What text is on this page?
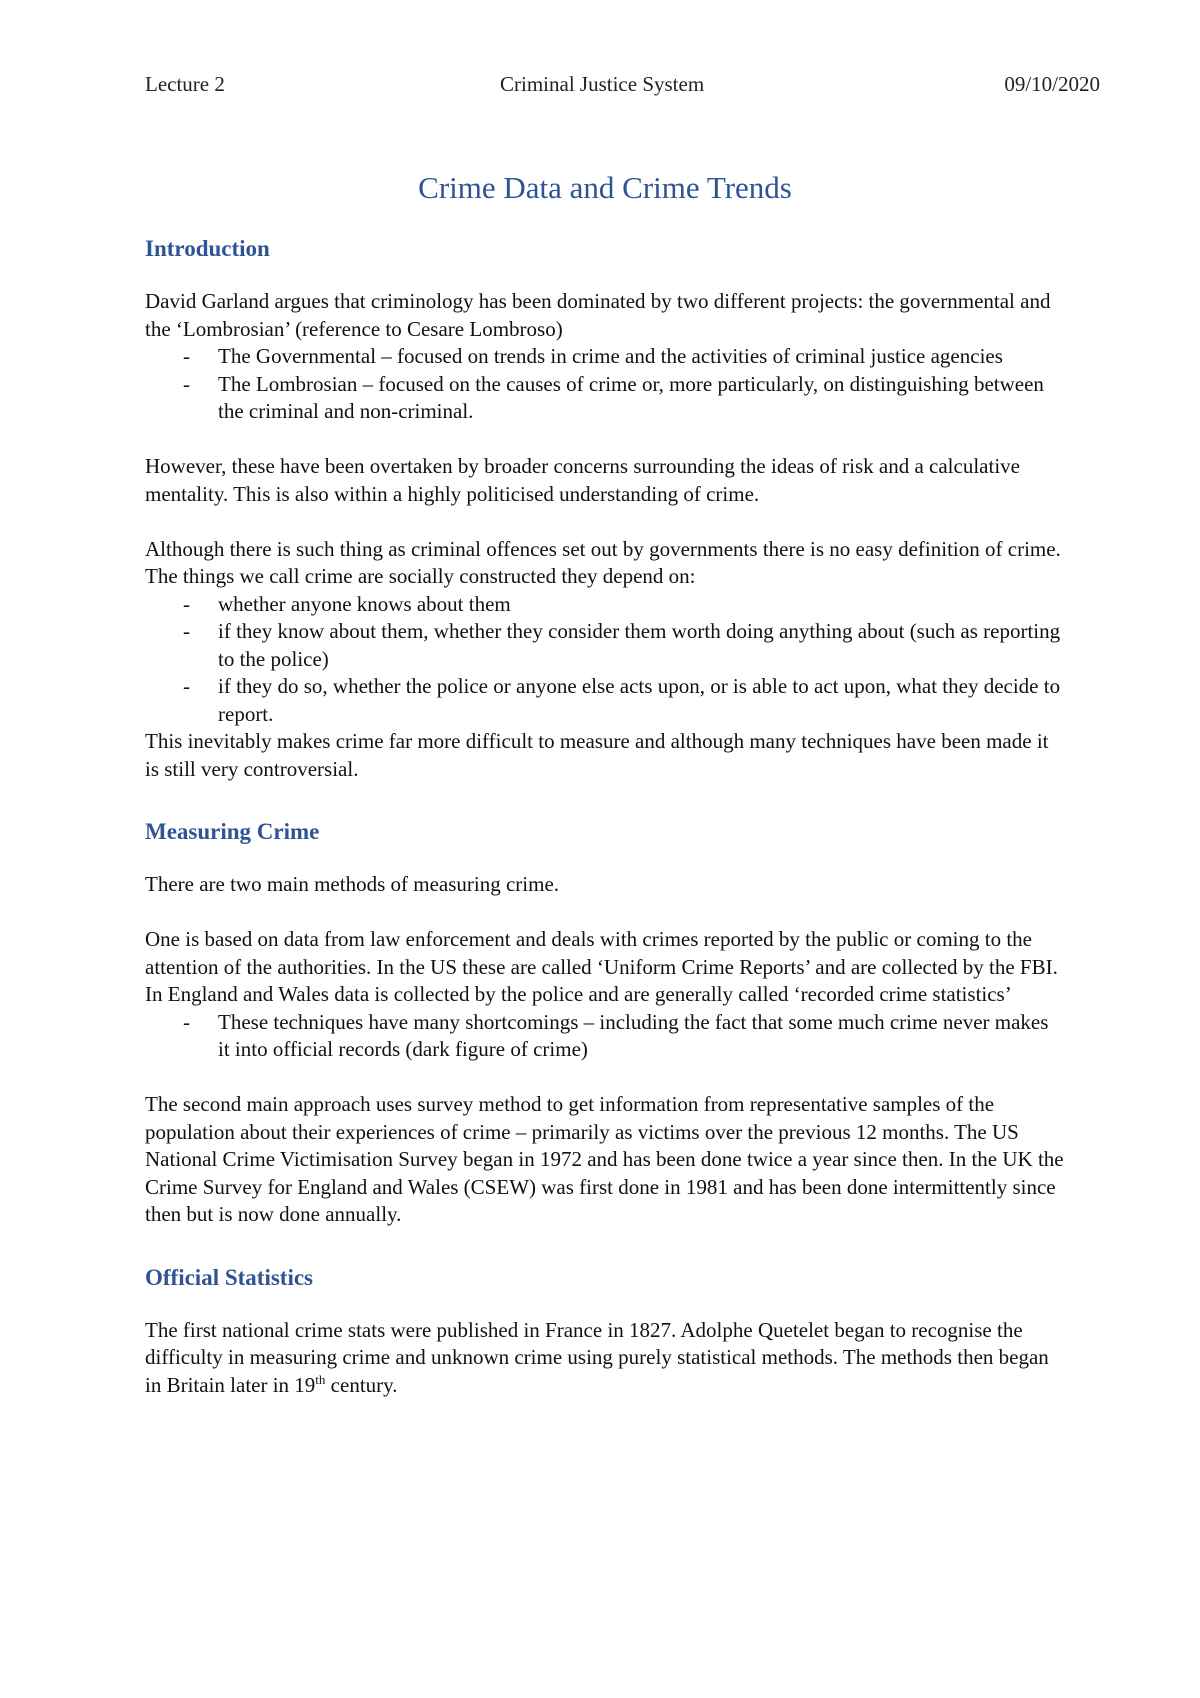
Lecture 2	Criminal Justice System	09/10/2020
Crime Data and Crime Trends
Introduction

David Garland argues that criminology has been dominated by two different projects: the governmental and the ‘Lombrosian’ (reference to Cesare Lombroso)

- The Governmental – focused on trends in crime and the activities of criminal justice agencies
- The Lombrosian – focused on the causes of crime or, more particularly, on distinguishing between the criminal and non-criminal.

However, these have been overtaken by broader concerns surrounding the ideas of risk and a calculative mentality. This is also within a highly politicised understanding of crime.

Although there is such thing as criminal offences set out by governments there is no easy definition of crime. The things we call crime are socially constructed they depend on:

- whether anyone knows about them
- if they know about them, whether they consider them worth doing anything about (such as reporting to the police)
- if they do so, whether the police or anyone else acts upon, or is able to act upon, what they decide to report.

This inevitably makes crime far more difficult to measure and although many techniques have been made it is still very controversial.

Measuring Crime

There are two main methods of measuring crime.

One is based on data from law enforcement and deals with crimes reported by the public or coming to the attention of the authorities. In the US these are called ‘Uniform Crime Reports’ and are collected by the FBI. In England and Wales data is collected by the police and are generally called ‘recorded crime statistics’

- These techniques have many shortcomings – including the fact that some much crime never makes it into official records (dark figure of crime)

The second main approach uses survey method to get information from representative samples of the population about their experiences of crime – primarily as victims over the previous 12 months. The US National Crime Victimisation Survey began in 1972 and has been done twice a year since then. In the UK the Crime Survey for England and Wales (CSEW) was first done in 1981 and has been done intermittently since then but is now done annually.

Official Statistics

The first national crime stats were published in France in 1827. Adolphe Quetelet began to recognise the difficulty in measuring crime and unknown crime using purely statistical methods. The methods then began in Britain later in 19th century.
